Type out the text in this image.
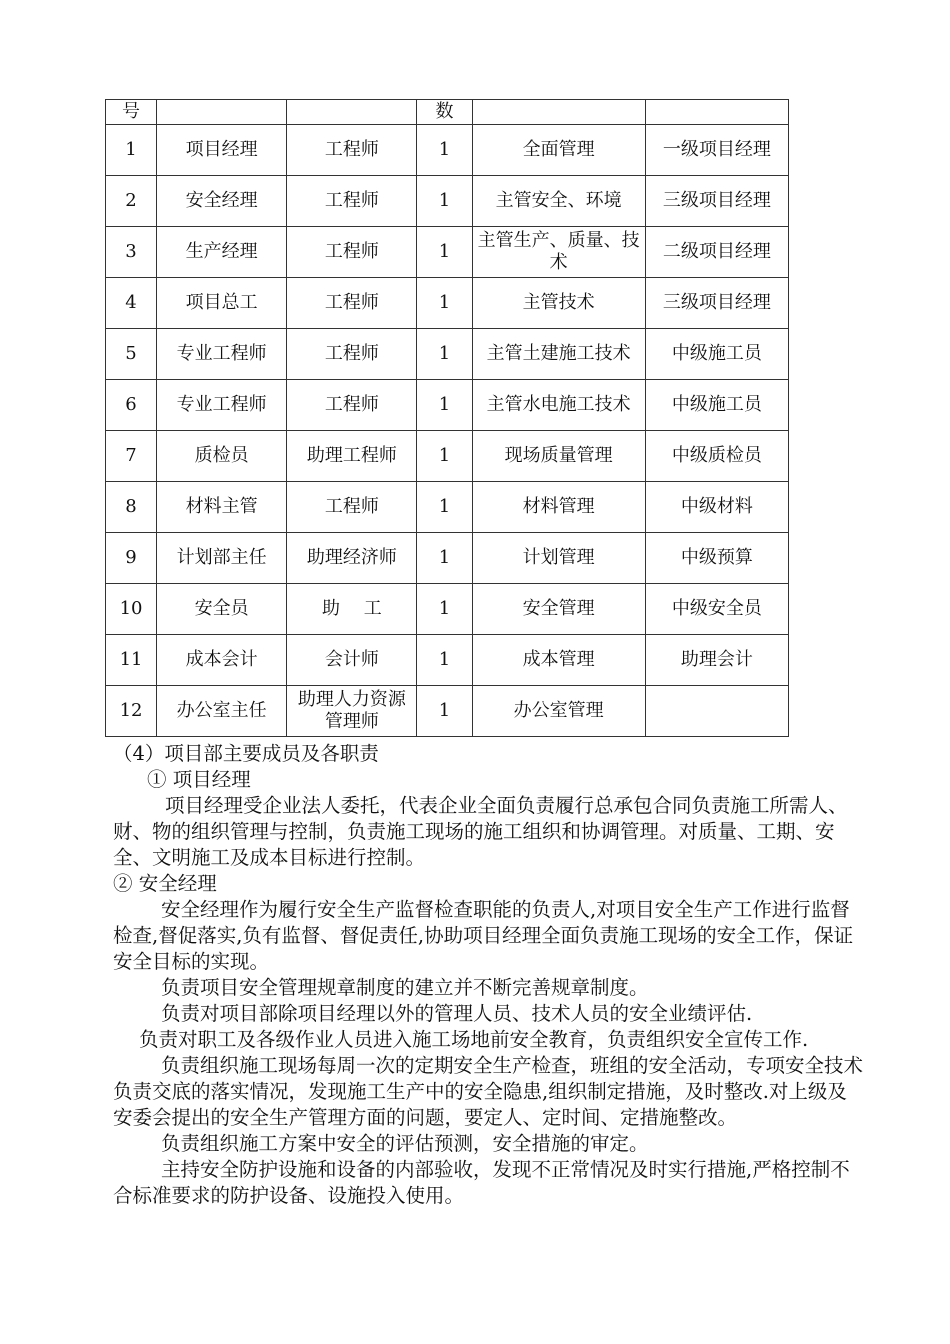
号			数		
1	项目经理	工程师	1	全面管理	一级项目经理
2	安全经理	工程师	1	主管安全、环境	三级项目经理
3	生产经理	工程师	1	主管生产、质量、技术	二级项目经理
4	项目总工	工程师	1	主管技术	三级项目经理
5	专业工程师	工程师	1	主管土建施工技术	中级施工员
6	专业工程师	工程师	1	主管水电施工技术	中级施工员
7	质检员	助理工程师	1	现场质量管理	中级质检员
8	材料主管	工程师	1	材料管理	中级材料
9	计划部主任	助理经济师	1	计划管理	中级预算
10	安全员	助　 工	1	安全管理	中级安全员
11	成本会计	会计师	1	成本管理	助理会计
12	办公室主任	助理人力资源管理师	1	办公室管理	

（4）项目部主要成员及各职责

① 项目经理

项目经理受企业法人委托，代表企业全面负责履行总承包合同负责施工所需人、财、物的组织管理与控制，负责施工现场的施工组织和协调管理。对质量、工期、安全、文明施工及成本目标进行控制。

② 安全经理

安全经理作为履行安全生产监督检查职能的负责人,对项目安全生产工作进行监督检查,督促落实,负有监督、督促责任,协助项目经理全面负责施工现场的安全工作，保证安全目标的实现。

负责项目安全管理规章制度的建立并不断完善规章制度。

负责对项目部除项目经理以外的管理人员、技术人员的安全业绩评估.

负责对职工及各级作业人员进入施工场地前安全教育，负责组织安全宣传工作.

负责组织施工现场每周一次的定期安全生产检查，班组的安全活动，专项安全技术负责交底的落实情况，发现施工生产中的安全隐患,组织制定措施，及时整改.对上级及安委会提出的安全生产管理方面的问题，要定人、定时间、定措施整改。

负责组织施工方案中安全的评估预测，安全措施的审定。

主持安全防护设施和设备的内部验收，发现不正常情况及时实行措施,严格控制不合标准要求的防护设备、设施投入使用。
